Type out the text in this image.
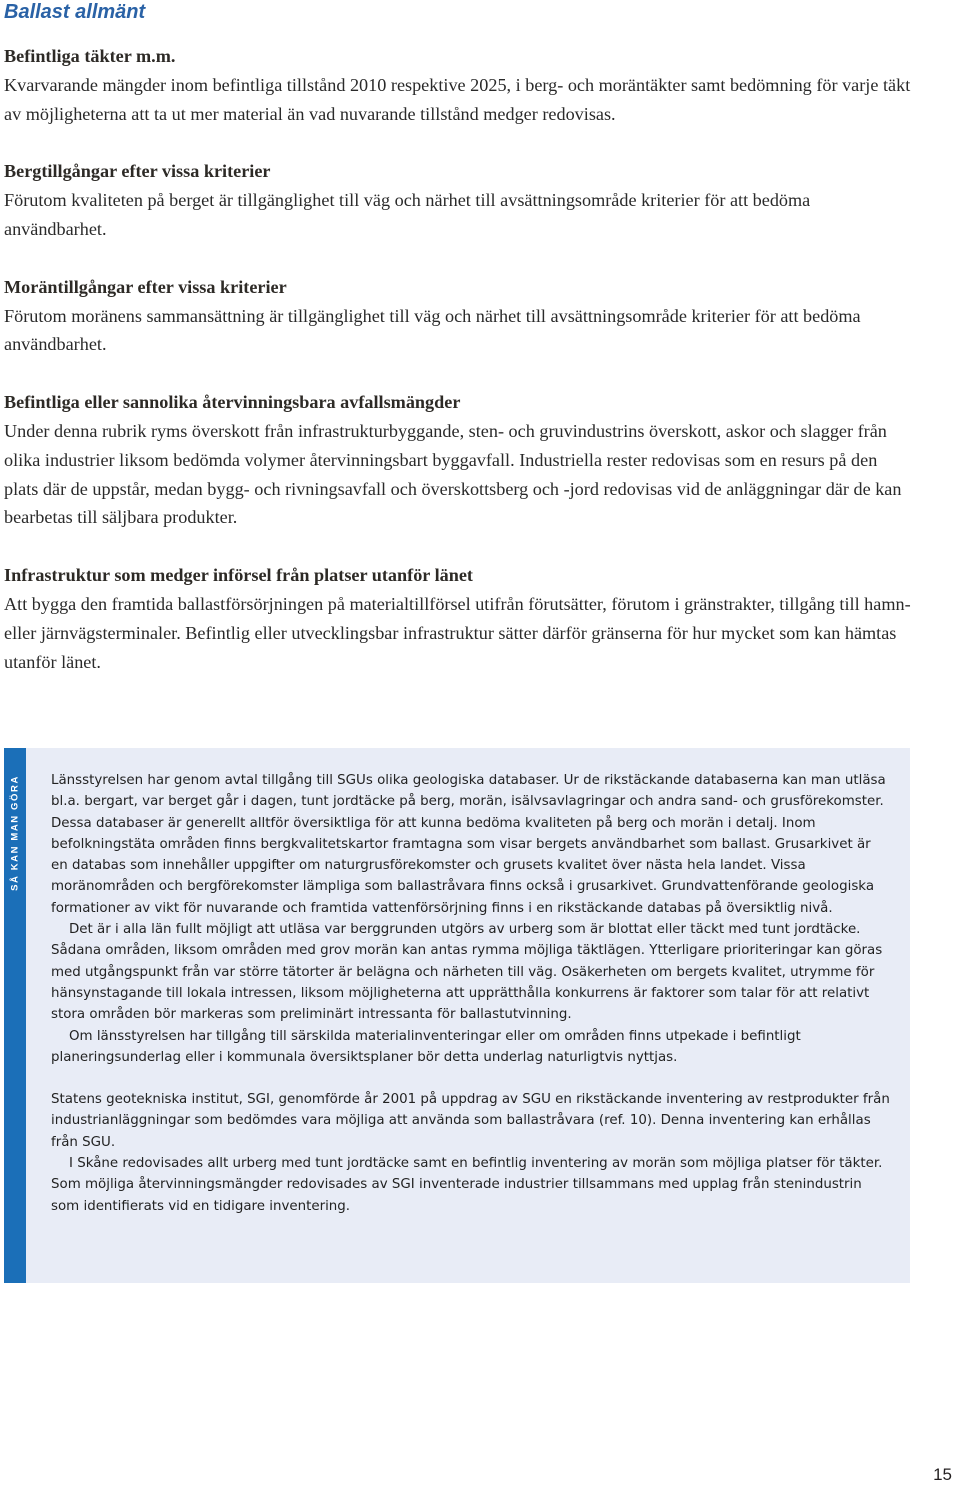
Ballast allmänt

Befintliga täkter m.m.

Kvarvarande mängder inom befintliga tillstånd 2010 respektive 2025, i berg- och moräntäkter samt bedömning för varje täkt av möjligheterna att ta ut mer material än vad nuvarande tillstånd medger redovisas.

Bergtillgångar efter vissa kriterier

Förutom kvaliteten på berget är tillgänglighet till väg och närhet till avsättningsområde kriterier för att bedöma användbarhet.

Moräntillgångar efter vissa kriterier

Förutom moränens sammansättning är tillgänglighet till väg och närhet till avsättningsområde kriterier för att bedöma användbarhet.

Befintliga eller sannolika återvinningsbara avfallsmängder

Under denna rubrik ryms överskott från infrastrukturbyggande, sten- och gruvindustrins överskott, askor och slagger från olika industrier liksom bedömda volymer återvinningsbart byggavfall. Industriella rester redovisas som en resurs på den plats där de uppstår, medan bygg- och rivningsavfall och överskottsberg och -jord redovisas vid de anläggningar där de kan bearbetas till säljbara produkter.

Infrastruktur som medger införsel från platser utanför länet

Att bygga den framtida ballastförsörjningen på materialtillförsel utifrån förutsätter, förutom i gränstrakter, tillgång till hamn- eller järnvägsterminaler. Befintlig eller utvecklingsbar infrastruktur sätter därför gränserna för hur mycket som kan hämtas utanför länet.

SÅ KAN MAN GÖRA Länsstyrelsen har genom avtal tillgång till SGUs olika geologiska databaser. Ur de rikstäckande databaserna kan man utläsa bl.a. bergart, var berget går i dagen, tunt jordtäcke på berg, morän, isälvsavlagringar och andra sand- och grusförekomster. Dessa databaser är generellt alltför översiktliga för att kunna bedöma kvaliteten på berg och morän i detalj. Inom befolkningstäta områden finns bergkvalitetskartor framtagna som visar bergets användbarhet som ballast. Grusarkivet är en databas som innehåller uppgifter om naturgrusförekomster och grusets kvalitet över nästa hela landet. Vissa moränområden och bergförekomster lämpliga som ballastråvara finns också i grusarkivet. Grundvattenförande geologiska formationer av vikt för nuvarande och framtida vattenförsörjning finns i en rikstäckande databas på översiktlig nivå.

Det är i alla län fullt möjligt att utläsa var berggrunden utgörs av urberg som är blottat eller täckt med tunt jordtäcke. Sådana områden, liksom områden med grov morän kan antas rymma möjliga täktlägen. Ytterligare prioriteringar kan göras med utgångspunkt från var större tätorter är belägna och närheten till väg. Osäkerheten om bergets kvalitet, utrymme för hänsynstagande till lokala intressen, liksom möjligheterna att upprätthålla konkurrens är faktorer som talar för att relativt stora områden bör markeras som preliminärt intressanta för ballastutvinning.

Om länsstyrelsen har tillgång till särskilda materialinventeringar eller om områden finns utpekade i befintligt planeringsunderlag eller i kommunala översiktsplaner bör detta underlag naturligtvis nyttjas.

Statens geotekniska institut, SGI, genomförde år 2001 på uppdrag av SGU en rikstäckande inventering av restprodukter från industrianläggningar som bedömdes vara möjliga att använda som ballastråvara (ref. 10). Denna inventering kan erhållas från SGU.

I Skåne redovisades allt urberg med tunt jordtäcke samt en befintlig inventering av morän som möjliga platser för täkter. Som möjliga återvinningsmängder redovisades av SGI inventerade industrier tillsammans med upplag från stenindustrin som identifierats vid en tidigare inventering.

15
